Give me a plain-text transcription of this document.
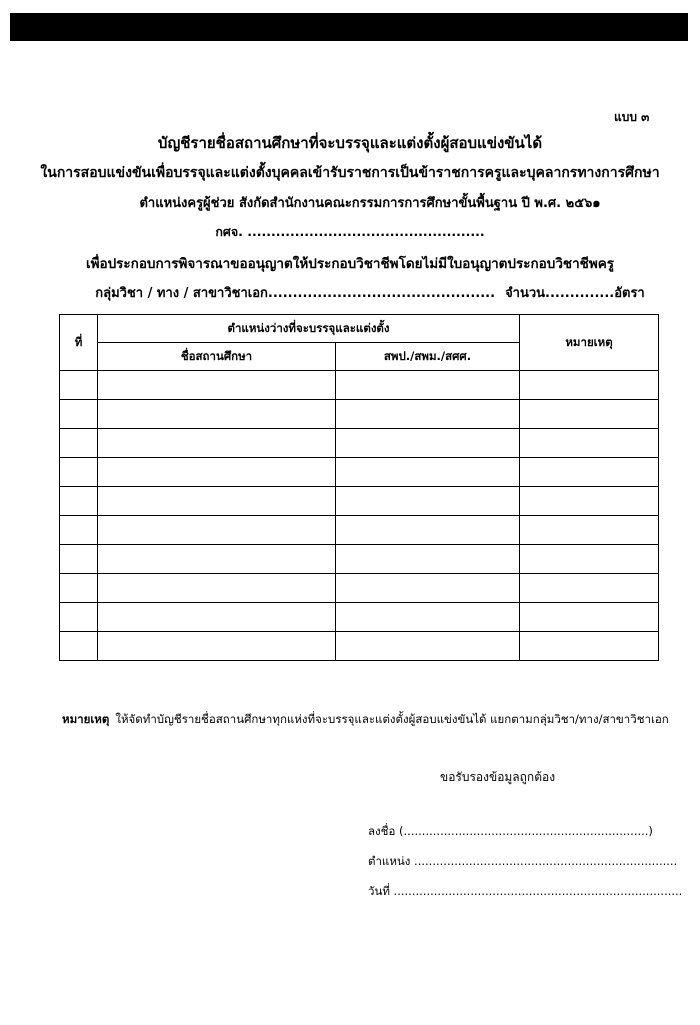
แบบ ๓
บัญชีรายชื่อสถานศึกษาที่จะบรรจุและแต่งตั้งผู้สอบแข่งขันได้
ในการสอบแข่งขันเพื่อบรรจุและแต่งตั้งบุคคลเข้ารับราชการเป็นข้าราชการครูและบุคลากรทางการศึกษา
ตำแหน่งครูผู้ช่วย สังกัดสำนักงานคณะกรรมการการศึกษาขั้นพื้นฐาน ปี พ.ศ. ๒๕๖๑
กศจ. ..................................................
เพื่อประกอบการพิจารณาขออนุญาตให้ประกอบวิชาชีพโดยไม่มีใบอนุญาตประกอบวิชาชีพครู
กลุ่มวิชา / ทาง / สาขาวิชาเอก.............................................. จำนวน..............อัตรา
ที่	ตำแหน่งว่างที่จะบรรจุและแต่งตั้ง		หมายเหตุ
	ชื่อสถานศึกษา	สพป./สพม./สศศ.	

หมายเหตุ ให้จัดทำบัญชีรายชื่อสถานศึกษาทุกแห่งที่จะบรรจุและแต่งตั้งผู้สอบแข่งขันได้ แยกตามกลุ่มวิชา/ทาง/สาขาวิชาเอก
ขอรับรองข้อมูลถูกต้อง
ลงชื่อ (...................................................................)
ตำแหน่ง ........................................................................
วันที่ ...............................................................................
